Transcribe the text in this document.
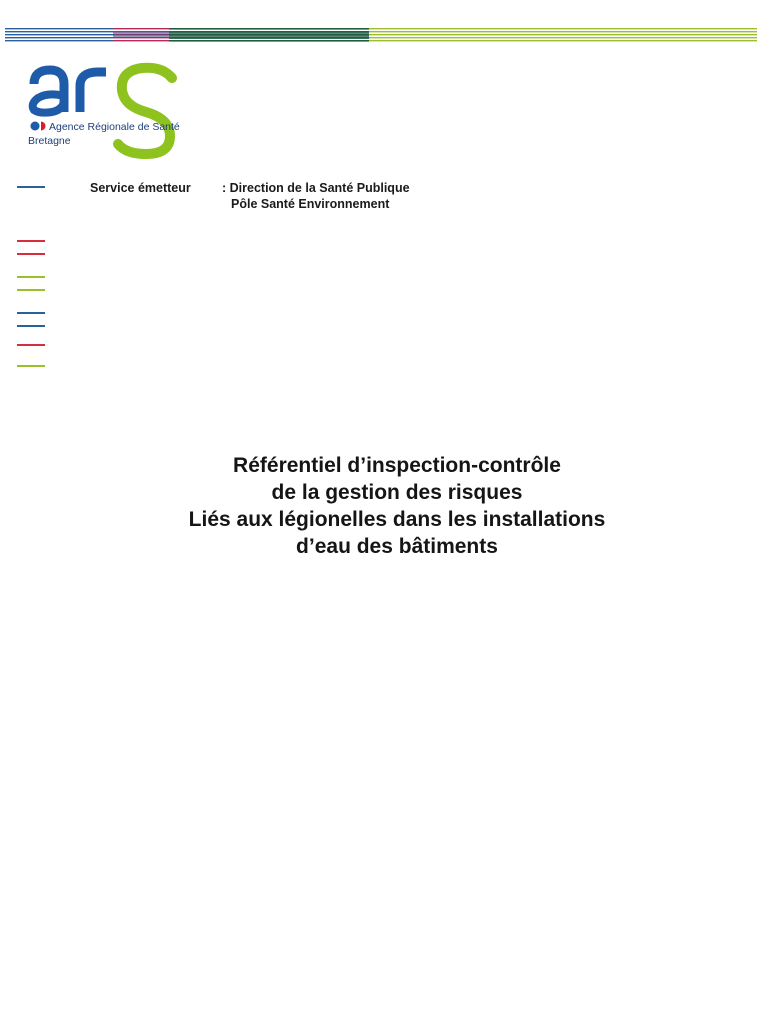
Agence Régionale de Santé
Bretagne
Service émetteur : Direction de la Santé Publique
Pôle Santé Environnement
Référentiel d’inspection-contrôle
de la gestion des risques
Liés aux légionelles dans les installations
d’eau des bâtiments
